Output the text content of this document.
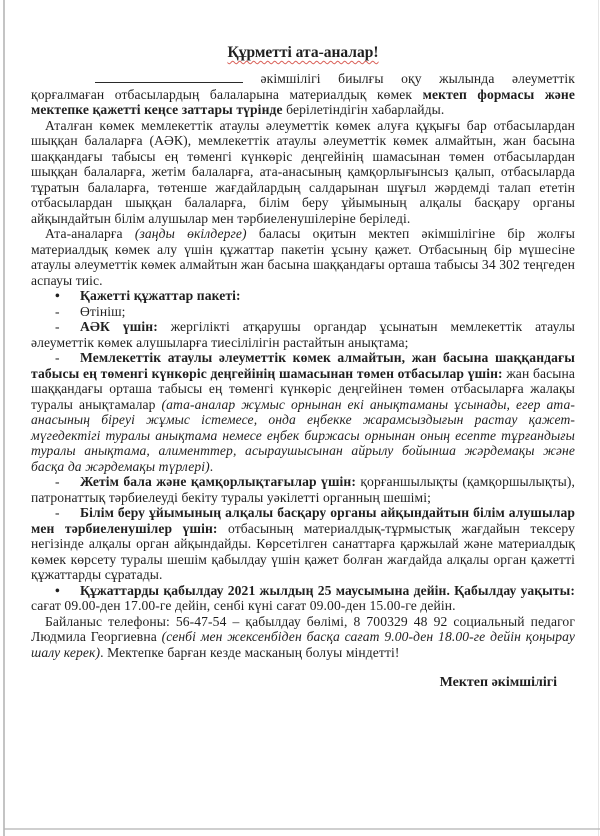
Құрметті ата-аналар!

әкімшілігі биылғы оқу жылында әлеуметтік қорғалмаған отбасылардың балаларына материалдық көмек мектеп формасы және мектепке қажетті кеңсе заттары түрінде берілетіндігін хабарлайды.

Аталған көмек мемлекеттік атаулы әлеуметтік көмек алуға құқығы бар отбасылардан шыққан балаларға (АӘК), мемлекеттік атаулы әлеуметтік көмек алмайтын, жан басына шаққандағы табысы ең төменгі күнкөріс деңгейінің шамасынан төмен отбасылардан шыққан балаларға, жетім балаларға, ата-анасының қамқорлығынсыз қалып, отбасыларда тұратын балаларға, төтенше жағдайлардың салдарынан шұғыл жәрдемді талап ететін отбасылардан шыққан балаларға, білім беру ұйымының алқалы басқару органы айқындайтын білім алушылар мен тәрбиеленушілеріне беріледі.

Ата-аналарға (заңды өкілдерге) баласы оқитын мектеп әкімшілігіне бір жолғы материалдық көмек алу үшін құжаттар пакетін ұсыну қажет. Отбасының бір мүшесіне атаулы әлеуметтік көмек алмайтын жан басына шаққандағы орташа табысы 34 302 теңгеден аспауы тиіс.

• Қажетті құжаттар пакеті:

- Өтініш;

- АӘК үшін: жергілікті атқарушы органдар ұсынатын мемлекеттік атаулы әлеуметтік көмек алушыларға тиесілілігін растайтын анықтама;

- Мемлекеттік атаулы әлеуметтік көмек алмайтын, жан басына шаққандағы табысы ең төменгі күнкөріс деңгейінің шамасынан төмен отбасылар үшін: жан басына шаққандағы орташа табысы ең төменгі күнкөріс деңгейінен төмен отбасыларға жалақы туралы анықтамалар (ата-аналар жұмыс орнынан екі анықтаманы ұсынады, егер ата-анасының біреуі жұмыс істемесе, онда еңбекке жарамсыздығын растау қажет-мүгедектігі туралы анықтама немесе еңбек биржасы орнынан оның есепте тұрғандығы туралы анықтама, алименттер, асыраушысынан айрылу бойынша жәрдемақы және басқа да жәрдемақы түрлері).

- Жетім бала және қамқорлықтағылар үшін: қорғаншылықты (қамқоршылықты), патронаттық тәрбиелеуді бекіту туралы уәкілетті органның шешімі;

- Білім беру ұйымының алқалы басқару органы айқындайтын білім алушылар мен тәрбиеленушілер үшін: отбасының материалдық-тұрмыстық жағдайын тексеру негізінде алқалы орган айқындайды. Көрсетілген санаттарға қаржылай және материалдық көмек көрсету туралы шешім қабылдау үшін қажет болған жағдайда алқалы орган қажетті құжаттарды сұратады.

• Құжаттарды қабылдау 2021 жылдың 25 маусымына дейін. Қабылдау уақыты: сағат 09.00-ден 17.00-ге дейін, сенбі күні сағат 09.00-ден 15.00-ге дейін.

Байланыс телефоны: 56-47-54 – қабылдау бөлімі, 8 700329 48 92 социальный педагог Людмила Георгиевна (сенбі мен жексенбіден басқа сағат 9.00-ден 18.00-ге дейін қоңырау шалу керек). Мектепке барған кезде масканың болуы міндетті!

Мектеп әкімшілігі
